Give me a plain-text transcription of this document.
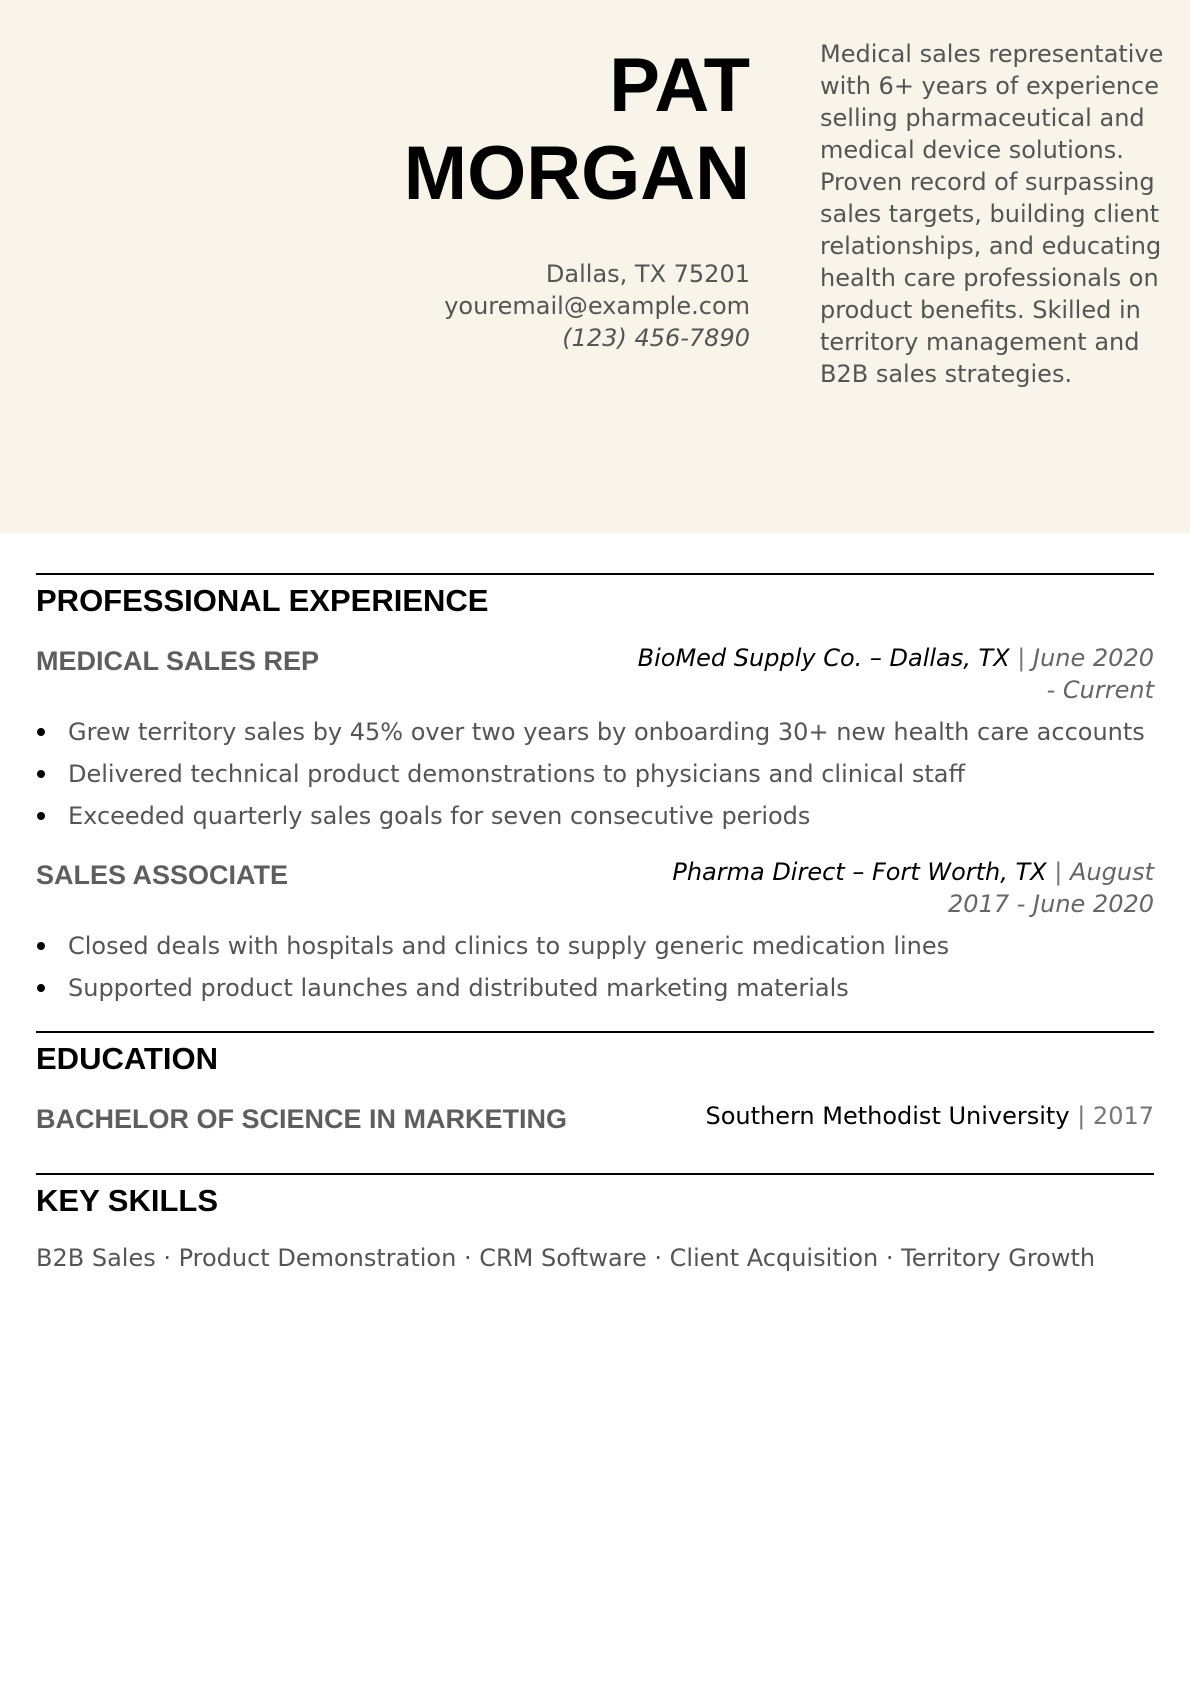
PAT
MORGAN
Dallas, TX 75201
youremail@example.com
(123) 456-7890

Medical sales representative with 6+ years of experience selling pharmaceutical and medical device solutions. Proven record of surpassing sales targets, building client relationships, and educating health care professionals on product benefits. Skilled in territory management and B2B sales strategies.

PROFESSIONAL EXPERIENCE
MEDICAL SALES REP	BioMed Supply Co. – Dallas, TX | June 2020 - Current
Grew territory sales by 45% over two years by onboarding 30+ new health care accounts
Delivered technical product demonstrations to physicians and clinical staff
Exceeded quarterly sales goals for seven consecutive periods
SALES ASSOCIATE	Pharma Direct – Fort Worth, TX | August 2017 - June 2020
Closed deals with hospitals and clinics to supply generic medication lines
Supported product launches and distributed marketing materials
EDUCATION
BACHELOR OF SCIENCE IN MARKETING	Southern Methodist University | 2017
KEY SKILLS

B2B Sales · Product Demonstration · CRM Software · Client Acquisition · Territory Growth
